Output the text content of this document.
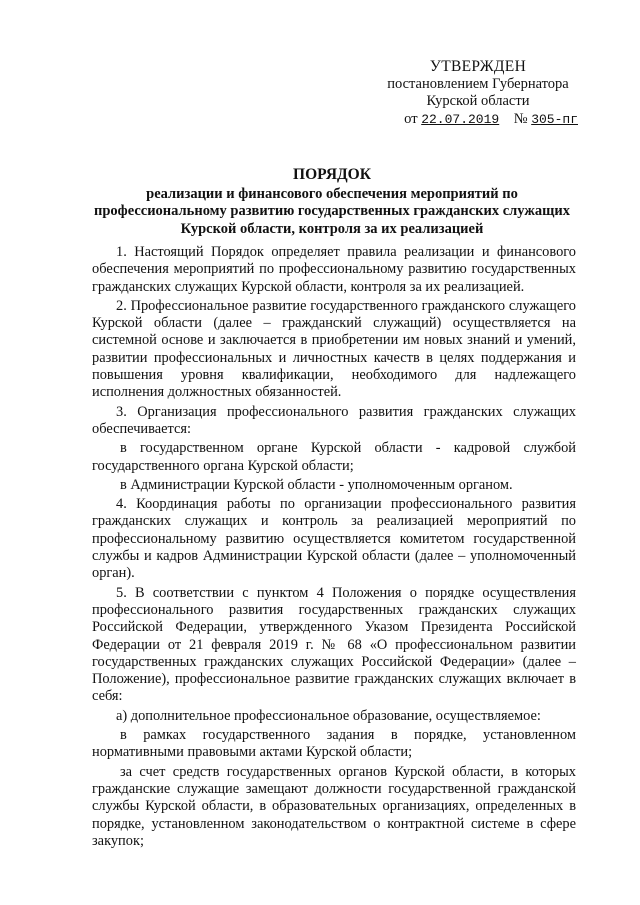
УТВЕРЖДЕН
постановлением Губернатора
Курской области
от 22.07.2019 № 305-пг
ПОРЯДОК
реализации и финансового обеспечения мероприятий по профессиональному развитию государственных гражданских служащих Курской области, контроля за их реализацией

1. Настоящий Порядок определяет правила реализации и финансового обеспечения мероприятий по профессиональному развитию государственных гражданских служащих Курской области, контроля за их реализацией.

2. Профессиональное развитие государственного гражданского служащего Курской области (далее – гражданский служащий) осуществляется на системной основе и заключается в приобретении им новых знаний и умений, развитии профессиональных и личностных качеств в целях поддержания и повышения уровня квалификации, необходимого для надлежащего исполнения должностных обязанностей.

3. Организация профессионального развития гражданских служащих обеспечивается:

в государственном органе Курской области - кадровой службой государственного органа Курской области;

в Администрации Курской области - уполномоченным органом.

4. Координация работы по организации профессионального развития гражданских служащих и контроль за реализацией мероприятий по профессиональному развитию осуществляется комитетом государственной службы и кадров Администрации Курской области (далее – уполномоченный орган).

5. В соответствии с пунктом 4 Положения о порядке осуществления профессионального развития государственных гражданских служащих Российской Федерации, утвержденного Указом Президента Российской Федерации от 21 февраля 2019 г. № 68 «О профессиональном развитии государственных гражданских служащих Российской Федерации» (далее – Положение), профессиональное развитие гражданских служащих включает в себя:

а) дополнительное профессиональное образование, осуществляемое:

в рамках государственного задания в порядке, установленном нормативными правовыми актами Курской области;

за счет средств государственных органов Курской области, в которых гражданские служащие замещают должности государственной гражданской службы Курской области, в образовательных организациях, определенных в порядке, установленном законодательством о контрактной системе в сфере закупок;
